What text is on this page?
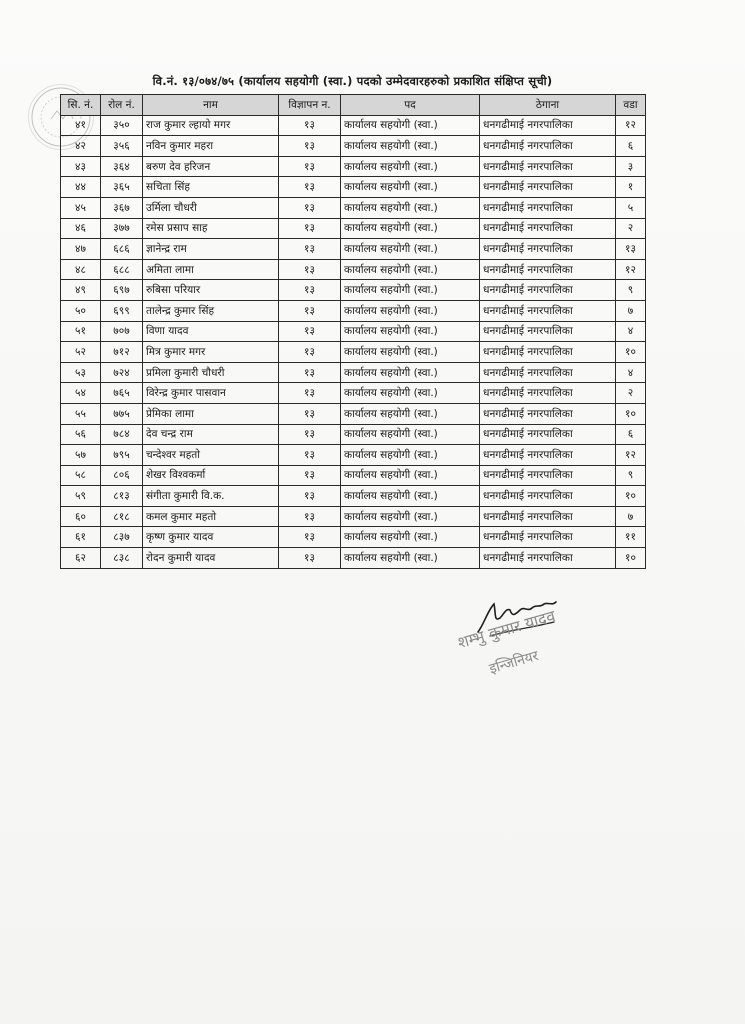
वि.नं. १३/०७४/७५ (कार्यालय सहयोगी (स्वा.) पदको उम्मेदवारहरुको प्रकाशित संक्षिप्त सूची)
सि. नं.	रोल नं.	नाम	विज्ञापन न.	पद	ठेगाना	वडा
४१	३५०	राज कुमार ल्हायो मगर	१३	कार्यालय सहयोगी (स्वा.)	धनगढीमाई नगरपालिका	१२
४२	३५६	नविन कुमार महरा	१३	कार्यालय सहयोगी (स्वा.)	धनगढीमाई नगरपालिका	६
४३	३६४	बरुण देव हरिजन	१३	कार्यालय सहयोगी (स्वा.)	धनगढीमाई नगरपालिका	३
४४	३६५	सचिता सिंह	१३	कार्यालय सहयोगी (स्वा.)	धनगढीमाई नगरपालिका	१
४५	३६७	उर्मिला चौधरी	१३	कार्यालय सहयोगी (स्वा.)	धनगढीमाई नगरपालिका	५
४६	३७७	रमेस प्रसाप साह	१३	कार्यालय सहयोगी (स्वा.)	धनगढीमाई नगरपालिका	२
४७	६८६	ज्ञानेन्द्र राम	१३	कार्यालय सहयोगी (स्वा.)	धनगढीमाई नगरपालिका	१३
४८	६८८	अमिता लामा	१३	कार्यालय सहयोगी (स्वा.)	धनगढीमाई नगरपालिका	१२
४९	६९७	रुबिसा परियार	१३	कार्यालय सहयोगी (स्वा.)	धनगढीमाई नगरपालिका	९
५०	६९९	तालेन्द्र कुमार सिंह	१३	कार्यालय सहयोगी (स्वा.)	धनगढीमाई नगरपालिका	७
५१	७०७	विणा यादव	१३	कार्यालय सहयोगी (स्वा.)	धनगढीमाई नगरपालिका	४
५२	७१२	मित्र कुमार मगर	१३	कार्यालय सहयोगी (स्वा.)	धनगढीमाई नगरपालिका	१०
५३	७२४	प्रमिला कुमारी चौधरी	१३	कार्यालय सहयोगी (स्वा.)	धनगढीमाई नगरपालिका	४
५४	७६५	विरेन्द्र कुमार पासवान	१३	कार्यालय सहयोगी (स्वा.)	धनगढीमाई नगरपालिका	२
५५	७७५	प्रेमिका लामा	१३	कार्यालय सहयोगी (स्वा.)	धनगढीमाई नगरपालिका	१०
५६	७८४	देव चन्द्र राम	१३	कार्यालय सहयोगी (स्वा.)	धनगढीमाई नगरपालिका	६
५७	७९५	चन्देश्वर महतो	१३	कार्यालय सहयोगी (स्वा.)	धनगढीमाई नगरपालिका	१२
५८	८०६	शेखर विश्वकर्मा	१३	कार्यालय सहयोगी (स्वा.)	धनगढीमाई नगरपालिका	९
५९	८१३	संगीता कुमारी वि.क.	१३	कार्यालय सहयोगी (स्वा.)	धनगढीमाई नगरपालिका	१०
६०	८१८	कमल कुमार महतो	१३	कार्यालय सहयोगी (स्वा.)	धनगढीमाई नगरपालिका	७
६१	८३७	कृष्ण कुमार यादव	१३	कार्यालय सहयोगी (स्वा.)	धनगढीमाई नगरपालिका	११
६२	८३८	रोदन कुमारी यादव	१३	कार्यालय सहयोगी (स्वा.)	धनगढीमाई नगरपालिका	१०
शम्भु कुमार यादव
इन्जिनियर
